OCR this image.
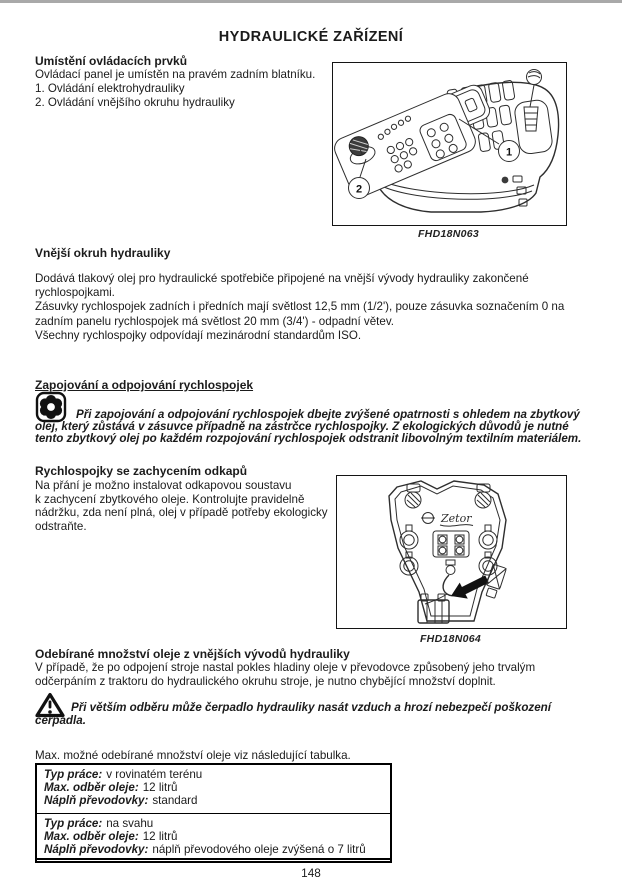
HYDRAULICKÉ ZAŘÍZENÍ
Umístění ovládacích prvků
Ovládací panel je umístěn na pravém zadním blatníku.
1. Ovládání elektrohydrauliky
2. Ovládání vnějšího okruhu hydrauliky
1
2
FHD18N063
Vnější okruh hydrauliky
Dodává tlakový olej pro hydraulické spotřebiče připojené na vnější vývody hydrauliky zakončené
rychlospojkami.
Zásuvky rychlospojek zadních i předních mají světlost 12,5 mm (1/2'), pouze zásuvka soznačením 0 na
zadním panelu rychlospojek má světlost 20 mm (3/4') - odpadní větev.
Všechny rychlospojky odpovídají mezinárodní standardům ISO.
Zapojování a odpojování rychlospojek
Při zapojování a odpojování rychlospojek dbejte zvýšené opatrnosti s ohledem na zbytkový
olej, který zůstává v zásuvce případně na zástrčce rychlospojky. Z ekologických důvodů je nutné
tento zbytkový olej po každém rozpojování rychlospojek odstranit libovolným textilním materiálem.
Rychlospojky se zachycením odkapů
Na přání je možno instalovat odkapovou soustavu
k zachycení zbytkového oleje. Kontrolujte pravidelně
nádržku, zda není plná, olej v případě potřeby ekologicky
odstraňte.
Zetor
FHD18N064
Odebírané množství oleje z vnějších vývodů hydrauliky
V případě, že po odpojení stroje nastal pokles hladiny oleje v převodovce způsobený jeho trvalým
odčerpáním z traktoru do hydraulického okruhu stroje, je nutno chybějící množství doplnit.
Při větším odběru může čerpadlo hydrauliky nasát vzduch a hrozí nebezpečí poškození
čerpadla.
Max. možné odebírané množství oleje viz následující tabulka.
Typ práce: v rovinatém terénu
Max. odběr oleje: 12 litrů
Náplň převodovky: standard
Typ práce: na svahu
Max. odběr oleje: 12 litrů
Náplň převodovky: náplň převodového oleje zvýšená o 7 litrů
148
